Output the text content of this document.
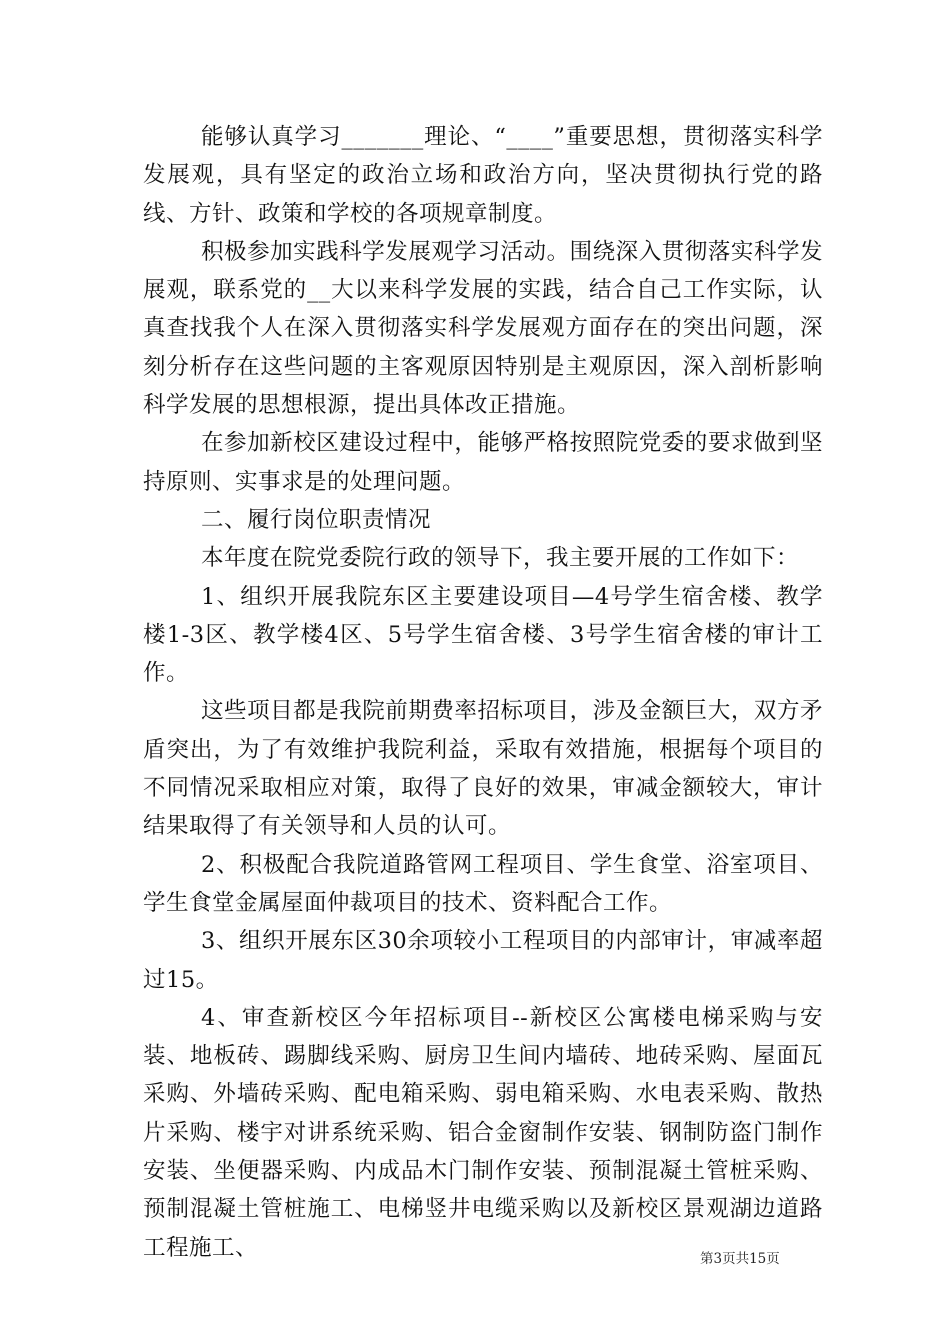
能够认真学习_______理论、“____”重要思想，贯彻落实科学发展观，具有坚定的政治立场和政治方向，坚决贯彻执行党的路线、方针、政策和学校的各项规章制度。

积极参加实践科学发展观学习活动。围绕深入贯彻落实科学发展观，联系党的__大以来科学发展的实践，结合自己工作实际，认真查找我个人在深入贯彻落实科学发展观方面存在的突出问题，深刻分析存在这些问题的主客观原因特别是主观原因，深入剖析影响科学发展的思想根源，提出具体改正措施。

在参加新校区建设过程中，能够严格按照院党委的要求做到坚持原则、实事求是的处理问题。

二、履行岗位职责情况

本年度在院党委院行政的领导下，我主要开展的工作如下：

1、组织开展我院东区主要建设项目—4号学生宿舍楼、教学楼1-3区、教学楼4区、5号学生宿舍楼、3号学生宿舍楼的审计工作。

这些项目都是我院前期费率招标项目，涉及金额巨大，双方矛盾突出，为了有效维护我院利益，采取有效措施，根据每个项目的不同情况采取相应对策，取得了良好的效果，审减金额较大，审计结果取得了有关领导和人员的认可。

2、积极配合我院道路管网工程项目、学生食堂、浴室项目、学生食堂金属屋面仲裁项目的技术、资料配合工作。

3、组织开展东区30余项较小工程项目的内部审计，审减率超过15。

4、审查新校区今年招标项目--新校区公寓楼电梯采购与安装、地板砖、踢脚线采购、厨房卫生间内墙砖、地砖采购、屋面瓦采购、外墙砖采购、配电箱采购、弱电箱采购、水电表采购、散热片采购、楼宇对讲系统采购、铝合金窗制作安装、钢制防盗门制作安装、坐便器采购、内成品木门制作安装、预制混凝土管桩采购、预制混凝土管桩施工、电梯竖井电缆采购以及新校区景观湖边道路工程施工、	第3页共15页
